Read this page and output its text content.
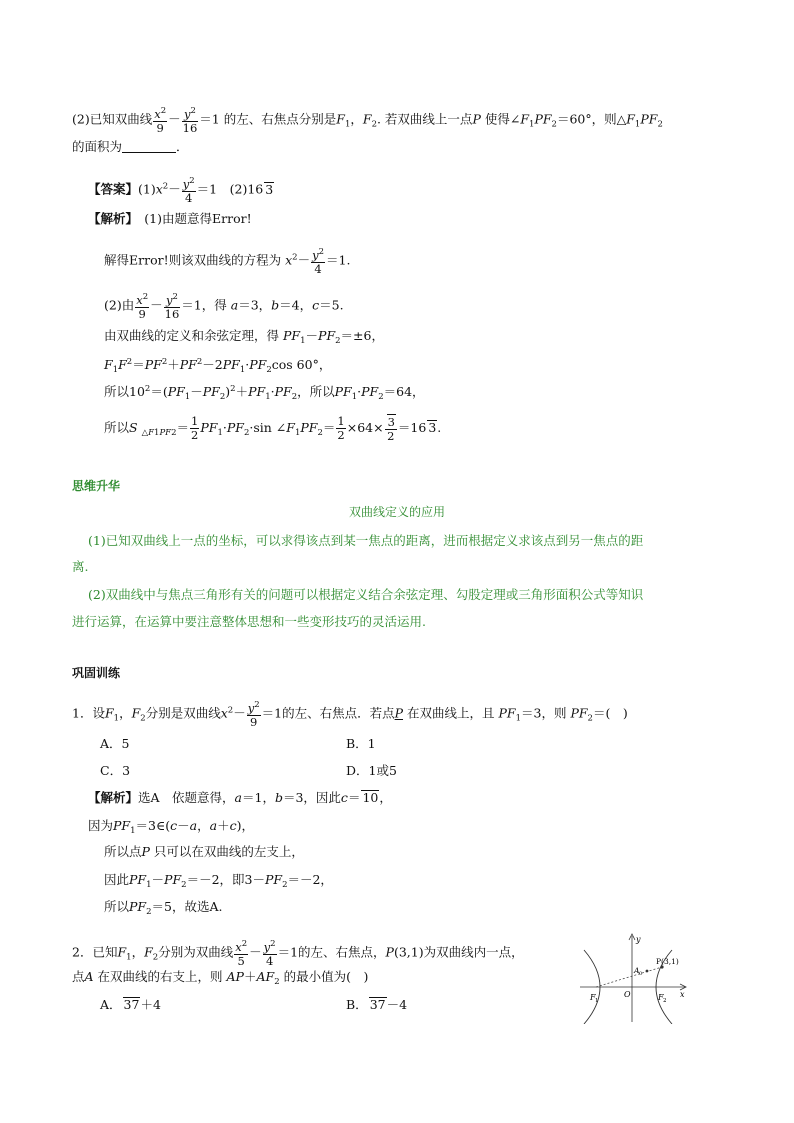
(2)已知双曲线 $\frac{x^2}{9} - \frac{y^2}{16} =1$ 的左、右焦点分别是$F_1$，$F_2$. 若双曲线上一点P 使得$\angle F_1PF_2=60^\circ$，则$\triangle F_1PF_2$
的面积为	．
【答案】$(1)x^2- \frac{y^2}{4} =1$　(2)16 3
【解析】　 (1)由题意得Error!
解得Error!则该双曲线的方程为 $x^2- \frac{y^2}{4} =1$.
(2)由 $\frac{x^2}{9} - \frac{y^2}{16} =1$，得 a＝3，b＝4，c＝5.
由双曲线的定义和余弦定理，得 $PF_1-PF_2=\pm 6$，
$F_1F^2=PF^2+PF^2-2PF_1\cdot PF_2\cos$ 60°，
所以$10^2=(PF_1-PF_2)^2+PF_1\cdot PF_2$，所以$PF_1\cdot PF_2=64$，
所以S $_{\triangle F1PF2}= \frac{1}{2} PF_1\cdot PF_2\cdot\sin$ $\angle F_1PF_2= \frac{1}{2} \times 64\times \frac{3}{2} =16$ 3.
思维升华
双曲线定义的应用
(1)已知双曲线上一点的坐标，可以求得该点到某一焦点的距离，进而根据定义求该点到另一焦点的距
离.
(2)双曲线中与焦点三角形有关的问题可以根据定义结合余弦定理、勾股定理或三角形面积公式等知识
进行运算，在运算中要注意整体思想和一些变形技巧的灵活运用.
巩固训练
1．设$F_1$，$F_2$分别是双曲线$x^2- \frac{y^2}{9} =1$的左、右焦点．若点P 在双曲线上，且 $PF_1=3$，则 $PF_2=$(　)
A．5	B．1
C．3	D．1或5
【解析】选A　依题意得，a＝1，b＝3，因此c＝ 10，
因为$PF_1=3\in(c-a$，a＋c)，
所以点P 只可以在双曲线的左支上，
因此$PF_1-PF_2=-2$，即$3-PF_2=-2$，
所以$PF_2=5$，故选A.
2．已知$F_1$，$F_2$分别为双曲线 $\frac{x^2}{5} - \frac{y^2}{4} =1$的左、右焦点，P(3,1)为双曲线内一点，
点A 在双曲线的右支上，则 $AP+AF_2$ 的最小值为(　)
A． 37＋4	B． 37－4
y
x
O
F 1	F 2
A 0
P(3,1)
